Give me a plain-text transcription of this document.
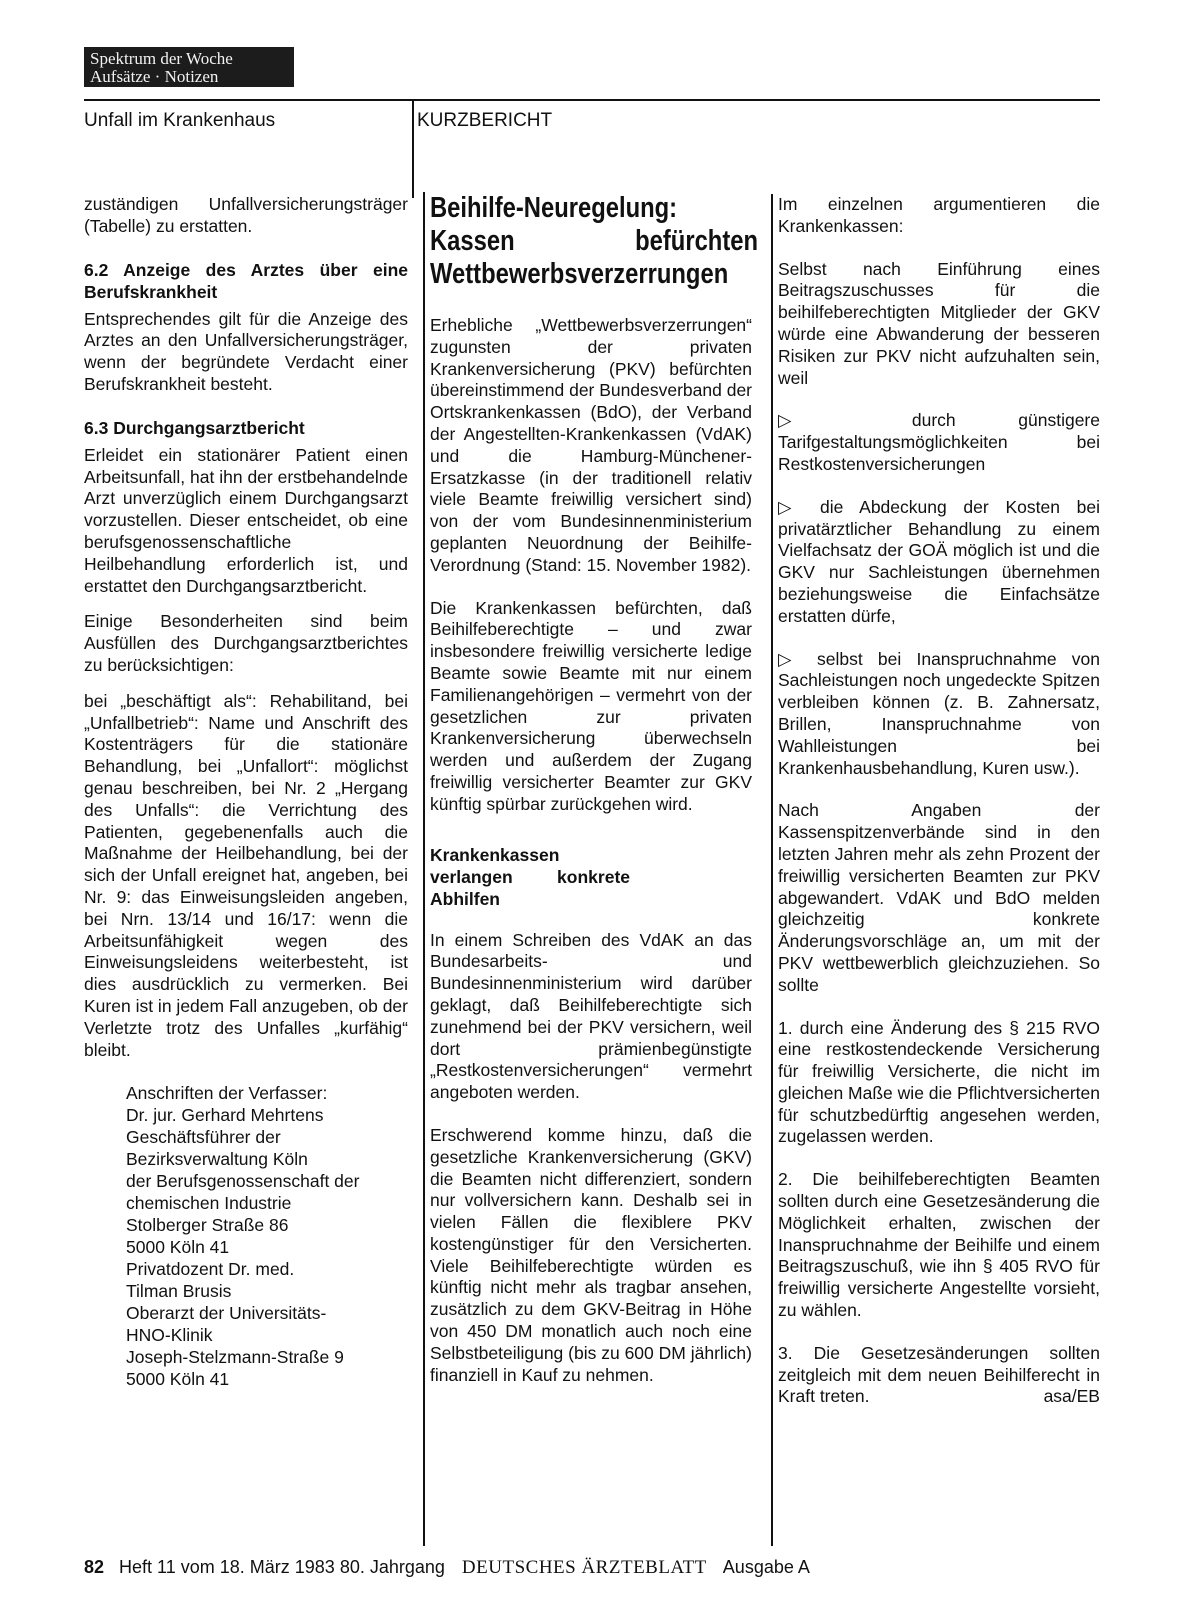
Spektrum der Woche
Aufsätze · Notizen
Unfall im Krankenhaus	KURZBERICHT

zuständigen Unfallversicherungsträger (Tabelle) zu erstatten.

6.2 Anzeige des Arztes über eine Berufskrankheit

Entsprechendes gilt für die Anzeige des Arztes an den Unfallversicherungsträger, wenn der begründete Verdacht einer Berufskrankheit besteht.

6.3 Durchgangsarztbericht

Erleidet ein stationärer Patient einen Arbeitsunfall, hat ihn der erstbehandelnde Arzt unverzüglich einem Durchgangsarzt vorzustellen. Dieser entscheidet, ob eine berufsgenossenschaftliche Heilbehandlung erforderlich ist, und erstattet den Durchgangsarztbericht.

Einige Besonderheiten sind beim Ausfüllen des Durchgangsarztberichtes zu berücksichtigen:

bei „beschäftigt als“: Rehabilitand, bei „Unfallbetrieb“: Name und Anschrift des Kostenträgers für die stationäre Behandlung, bei „Unfallort“: möglichst genau beschreiben, bei Nr. 2 „Hergang des Unfalls“: die Verrichtung des Patienten, gegebenenfalls auch die Maßnahme der Heilbehandlung, bei der sich der Unfall ereignet hat, angeben, bei Nr. 9: das Einweisungsleiden angeben, bei Nrn. 13/14 und 16/17: wenn die Arbeitsunfähigkeit wegen des Einweisungsleidens weiterbesteht, ist dies ausdrücklich zu vermerken. Bei Kuren ist in jedem Fall anzugeben, ob der Verletzte trotz des Unfalles „kurfähig“ bleibt.

Anschriften der Verfasser:
Dr. jur. Gerhard Mehrtens
Geschäftsführer der
Bezirksverwaltung Köln
der Berufsgenossenschaft der
chemischen Industrie
Stolberger Straße 86
5000 Köln 41
Privatdozent Dr. med.
Tilman Brusis
Oberarzt der Universitäts-
HNO-Klinik
Joseph-Stelzmann-Straße 9
5000 Köln 41
Beihilfe-Neuregelung: Kassen befürchten Wettbewerbsverzerrungen

Erhebliche „Wettbewerbsverzerrungen“ zugunsten der privaten Krankenversicherung (PKV) befürchten übereinstimmend der Bundesverband der Ortskrankenkassen (BdO), der Verband der Angestellten-Krankenkassen (VdAK) und die Hamburg-Münchener-Ersatzkasse (in der traditionell relativ viele Beamte freiwillig versichert sind) von der vom Bundesinnenministerium geplanten Neuordnung der Beihilfe-Verordnung (Stand: 15. November 1982).

Die Krankenkassen befürchten, daß Beihilfeberechtigte – und zwar insbesondere freiwillig versicherte ledige Beamte sowie Beamte mit nur einem Familienangehörigen – vermehrt von der gesetzlichen zur privaten Krankenversicherung überwechseln werden und außerdem der Zugang freiwillig versicherter Beamter zur GKV künftig spürbar zurückgehen wird.

Krankenkassen verlangen konkrete Abhilfen

In einem Schreiben des VdAK an das Bundesarbeits- und Bundesinnenministerium wird darüber geklagt, daß Beihilfeberechtigte sich zunehmend bei der PKV versichern, weil dort prämienbegünstigte „Restkostenversicherungen“ vermehrt angeboten werden.

Erschwerend komme hinzu, daß die gesetzliche Krankenversicherung (GKV) die Beamten nicht differenziert, sondern nur vollversichern kann. Deshalb sei in vielen Fällen die flexiblere PKV kostengünstiger für den Versicherten. Viele Beihilfeberechtigte würden es künftig nicht mehr als tragbar ansehen, zusätzlich zu dem GKV-Beitrag in Höhe von 450 DM monatlich auch noch eine Selbstbeteiligung (bis zu 600 DM jährlich) finanziell in Kauf zu nehmen.

Im einzelnen argumentieren die Krankenkassen:

Selbst nach Einführung eines Beitragszuschusses für die beihilfeberechtigten Mitglieder der GKV würde eine Abwanderung der besseren Risiken zur PKV nicht aufzuhalten sein, weil

▷ durch günstigere Tarifgestaltungsmöglichkeiten bei Restkostenversicherungen

▷ die Abdeckung der Kosten bei privatärztlicher Behandlung zu einem Vielfachsatz der GOÄ möglich ist und die GKV nur Sachleistungen übernehmen beziehungsweise die Einfachsätze erstatten dürfe,

▷ selbst bei Inanspruchnahme von Sachleistungen noch ungedeckte Spitzen verbleiben können (z. B. Zahnersatz, Brillen, Inanspruchnahme von Wahlleistungen bei Krankenhausbehandlung, Kuren usw.).

Nach Angaben der Kassenspitzenverbände sind in den letzten Jahren mehr als zehn Prozent der freiwillig versicherten Beamten zur PKV abgewandert. VdAK und BdO melden gleichzeitig konkrete Änderungsvorschläge an, um mit der PKV wettbewerblich gleichzuziehen. So sollte

1. durch eine Änderung des § 215 RVO eine restkostendeckende Versicherung für freiwillig Versicherte, die nicht im gleichen Maße wie die Pflichtversicherten für schutzbedürftig angesehen werden, zugelassen werden.

2. Die beihilfeberechtigten Beamten sollten durch eine Gesetzesänderung die Möglichkeit erhalten, zwischen der Inanspruchnahme der Beihilfe und einem Beitragszuschuß, wie ihn § 405 RVO für freiwillig versicherte Angestellte vorsieht, zu wählen.

3. Die Gesetzesänderungen sollten zeitgleich mit dem neuen Beihilferecht in Kraft treten.	asa/EB

82 Heft 11 vom 18. März 1983 80. Jahrgang DEUTSCHES ÄRZTEBLATT Ausgabe A
